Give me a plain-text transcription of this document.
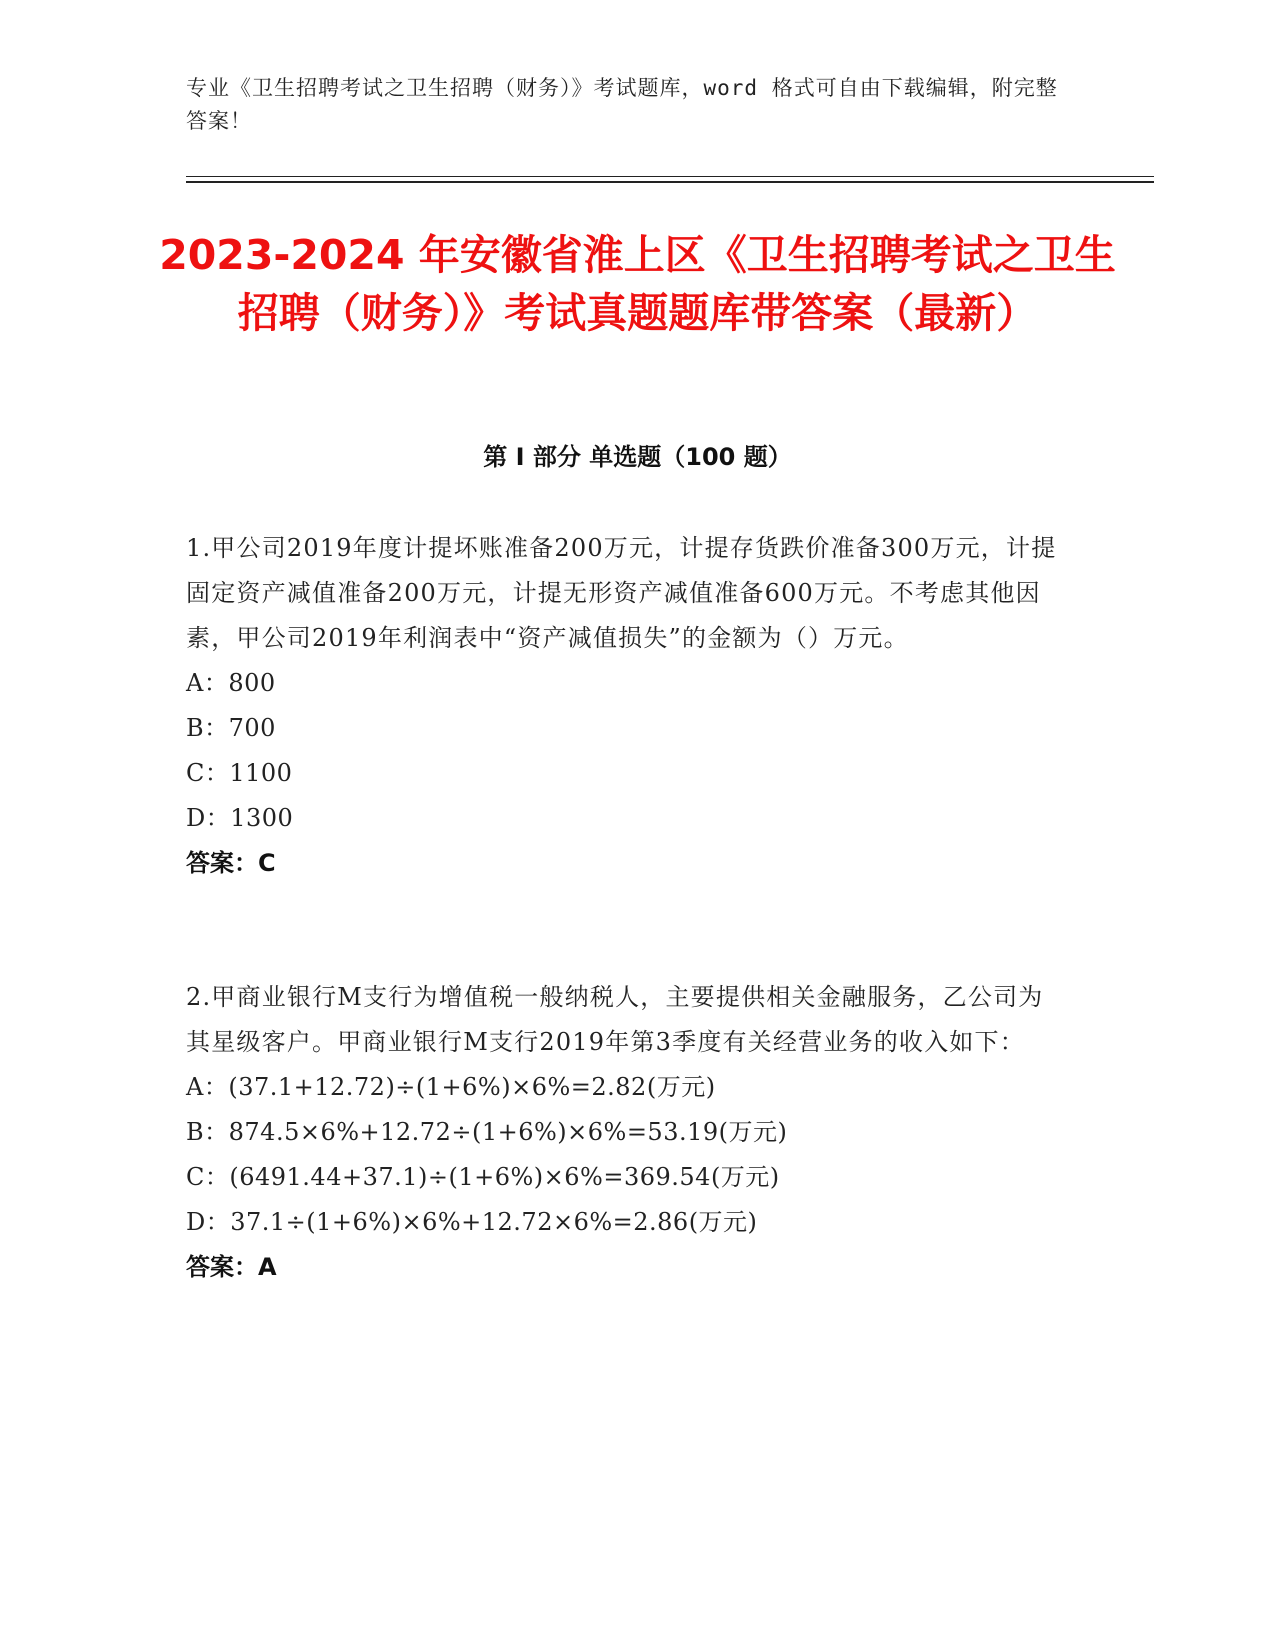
专业《卫生招聘考试之卫生招聘（财务）》考试题库，word 格式可自由下载编辑，附完整答案！
2023-2024 年安徽省淮上区《卫生招聘考试之卫生招聘（财务）》考试真题题库带答案（最新）
第 I 部分 单选题（100 题）
1.甲公司2019年度计提坏账准备200万元，计提存货跌价准备300万元，计提固定资产减值准备200万元，计提无形资产减值准备600万元。不考虑其他因素，甲公司2019年利润表中“资产减值损失”的金额为（）万元。
A：800
B：700
C：1100
D：1300
答案：C
2.甲商业银行M支行为增值税一般纳税人，主要提供相关金融服务，乙公司为其星级客户。甲商业银行M支行2019年第3季度有关经营业务的收入如下：
A：(37.1+12.72)÷(1+6%)×6%=2.82(万元)
B：874.5×6%+12.72÷(1+6%)×6%=53.19(万元)
C：(6491.44+37.1)÷(1+6%)×6%=369.54(万元)
D：37.1÷(1+6%)×6%+12.72×6%=2.86(万元)
答案：A
